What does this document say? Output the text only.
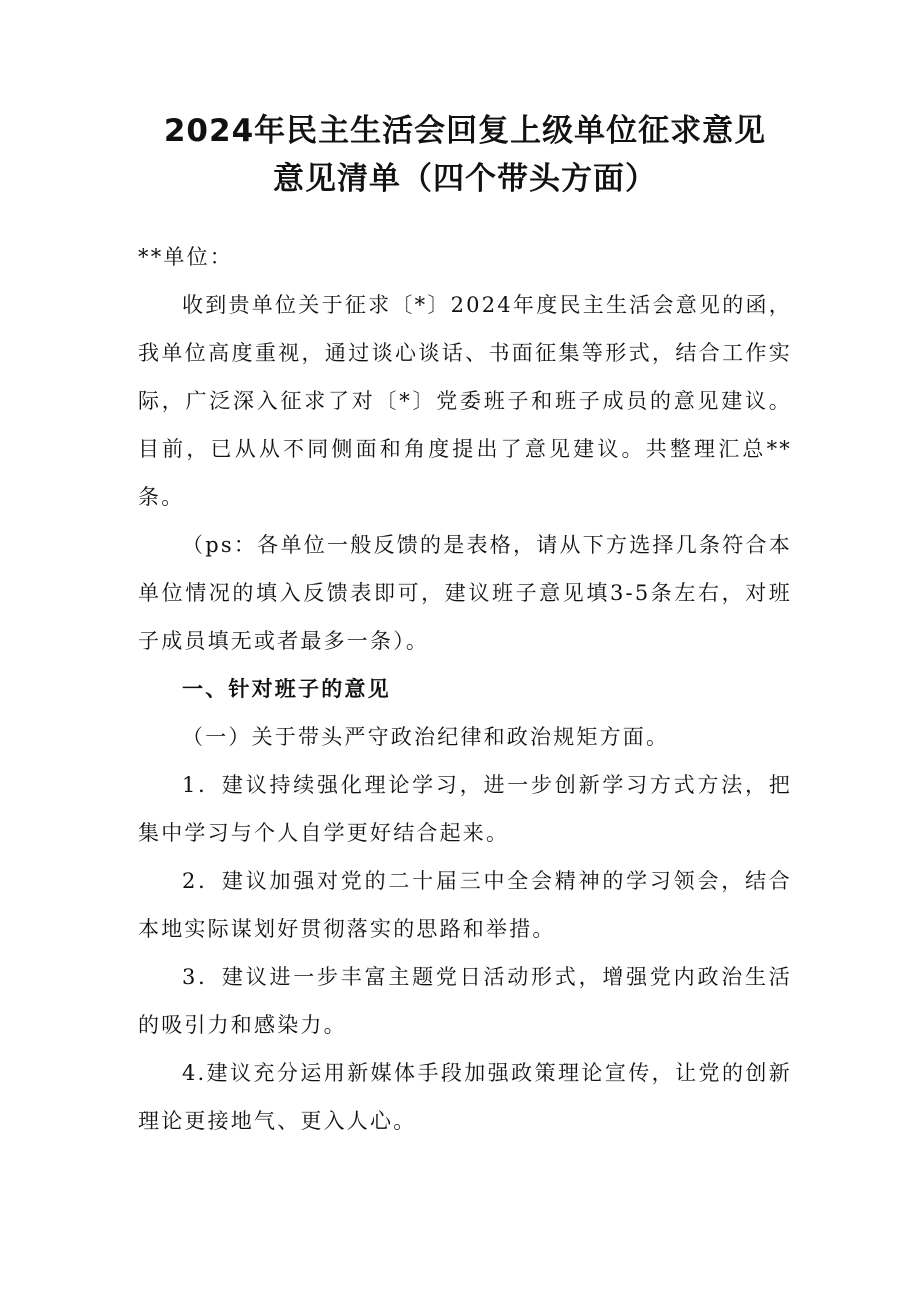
2024年民主生活会回复上级单位征求意见
意见清单（四个带头方面）

**单位：

收到贵单位关于征求〔*〕2024年度民主生活会意见的函，我单位高度重视，通过谈心谈话、书面征集等形式，结合工作实际，广泛深入征求了对〔*〕党委班子和班子成员的意见建议。目前，已从从不同侧面和角度提出了意见建议。共整理汇总**条。

（ps：各单位一般反馈的是表格，请从下方选择几条符合本单位情况的填入反馈表即可，建议班子意见填3-5条左右，对班子成员填无或者最多一条）。

一、针对班子的意见

（一）关于带头严守政治纪律和政治规矩方面。

1．建议持续强化理论学习，进一步创新学习方式方法，把集中学习与个人自学更好结合起来。

2．建议加强对党的二十届三中全会精神的学习领会，结合本地实际谋划好贯彻落实的思路和举措。

3．建议进一步丰富主题党日活动形式，增强党内政治生活的吸引力和感染力。

4.建议充分运用新媒体手段加强政策理论宣传，让党的创新理论更接地气、更入人心。
